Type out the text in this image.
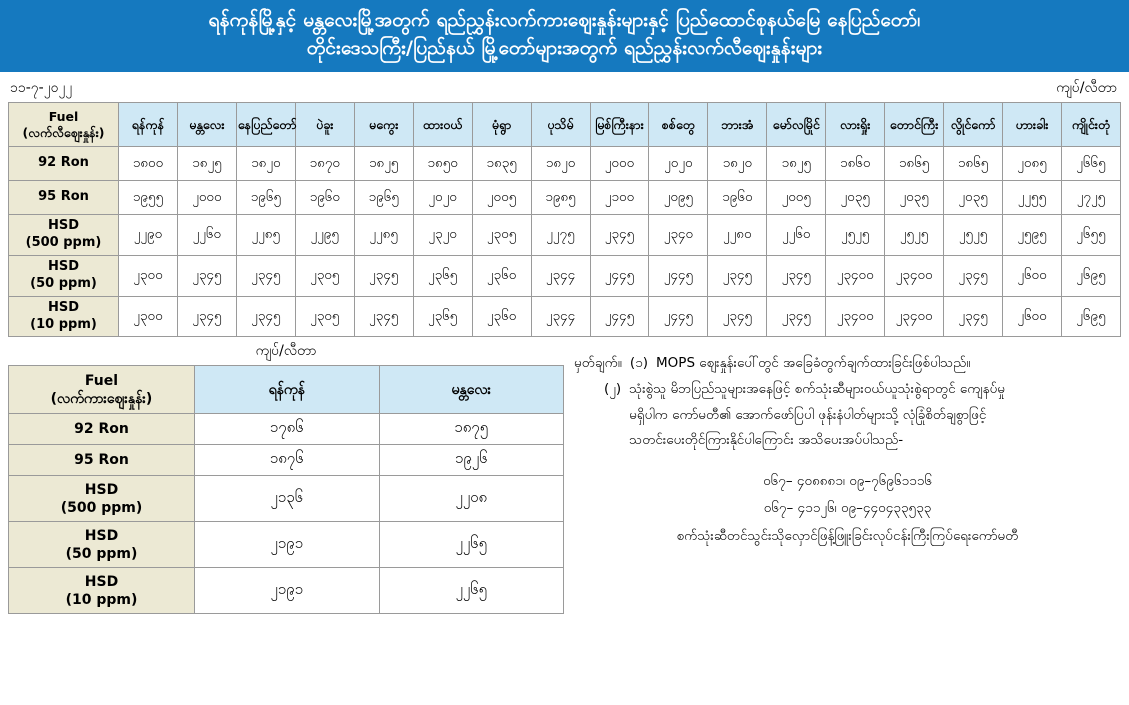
ရန်ကုန်မြို့နှင့် မန္တလေးမြို့အတွက် ရည်ညွှန်းလက်ကားဈေးနှုန်းများနှင့် ပြည်ထောင်စုနယ်မြေ နေပြည်တော်၊
တိုင်းဒေသကြီး/ပြည်နယ် မြို့တော်များအတွက် ရည်ညွှန်းလက်လီဈေးနှုန်းများ
၁၁-၇-၂၀၂၂	ကျပ်/လီတာ
Fuel
(လက်လီဈေးနှုန်း)	ရန်ကုန်	မန္တလေး	နေပြည်တော်	ပဲခူး	မကွေး	ထားဝယ်	မုံရွာ	ပုသိမ်	မြစ်ကြီးနား	စစ်တွေ	ဘားအံ	မော်လမြိုင်	လားရှိုး	တောင်ကြီး	လွိုင်ကော်	ဟားခါး	ကျိုင်းတုံ
92 Ron	၁၈၀၀	၁၈၂၅	၁၈၂၀	၁၈၇၀	၁၈၂၅	၁၈၅၀	၁၈၃၅	၁၈၂၀	၂၀၀၀	၂၀၂၀	၁၈၂၀	၁၈၂၅	၁၈၆၀	၁၈၆၅	၁၈၆၅	၂၀၈၅	၂၆၆၅
95 Ron	၁၉၅၅	၂၀၀၀	၁၉၆၅	၁၉၆၀	၁၉၆၅	၂၀၂၀	၂၀၀၅	၁၉၈၅	၂၁၀၀	၂၀၉၅	၁၉၆၀	၂၀၀၅	၂၀၃၅	၂၀၃၅	၂၀၃၅	၂၂၅၅	၂၇၂၅

HSD
(500 ppm)	၂၂၉၀	၂၂၆၀	၂၂၈၅	၂၂၉၅	၂၂၈၅	၂၃၂၀	၂၃၀၅	၂၂၇၅	၂၃၄၅	၂၃၄၀	၂၂၈၀	၂၂၆၀	၂၅၂၅	၂၅၂၅	၂၅၂၅	၂၅၉၅	၂၆၅၅

HSD
(50 ppm)	၂၃၀၀	၂၃၄၅	၂၃၄၅	၂၃၀၅	၂၃၄၅	၂၃၆၅	၂၃၆၀	၂၃၄၄	၂၄၄၅	၂၄၄၅	၂၃၄၅	၂၃၄၅	၂၃၄၀၀	၂၃၄၀၀	၂၃၄၅	၂၆၀၀	၂၆၉၅

HSD
(10 ppm)	၂၃၀၀	၂၃၄၅	၂၃၄၅	၂၃၀၅	၂၃၄၅	၂၃၆၅	၂၃၆၀	၂၃၄၄	၂၄၄၅	၂၄၄၅	၂၃၄၅	၂၃၄၅	၂၃၄၀၀	၂၃၄၀၀	၂၃၄၅	၂၆၀၀	၂၆၉၅
ကျပ်/လီတာ
Fuel
(လက်ကားဈေးနှုန်း)	ရန်ကုန်	မန္တလေး
92 Ron	၁၇၈၆	၁၈၇၅
95 Ron	၁၈၇၆	၁၉၂၆

HSD
(500 ppm)	၂၁၃၆	၂၂၀၈

HSD
(50 ppm)	၂၁၉၁	၂၂၆၅

HSD
(10 ppm)	၂၁၉၁	၂၂၆၅
မှတ်ချက်။ (၁) MOPS ဈေးနှုန်းပေါ်တွင် အခြေခံတွက်ချက်ထားခြင်းဖြစ်ပါသည်။
(၂) သုံးစွဲသူ မိဘပြည်သူများအနေဖြင့် စက်သုံးဆီများဝယ်ယူသုံးစွဲရာတွင် ကျေနပ်မှု
မရှိပါက ကော်မတီ၏ အောက်ဖော်ပြပါ ဖုန်းနံပါတ်များသို့ လုံခြုံစိတ်ချစွာဖြင့်
သတင်းပေးတိုင်ကြားနိုင်ပါကြောင်း အသိပေးအပ်ပါသည်-
၀၆၇– ၄၀၈၈၈၁၊ ၀၉–၇၆၉၆၁၁၁၆
၀၆၇– ၄၁၁၂၆၊ ၀၉–၄၄၀၄၃၃၅၃၃
စက်သုံးဆီတင်သွင်းသိုလှောင်ဖြန့်ဖြူးခြင်းလုပ်ငန်းကြီးကြပ်ရေးကော်မတီ
